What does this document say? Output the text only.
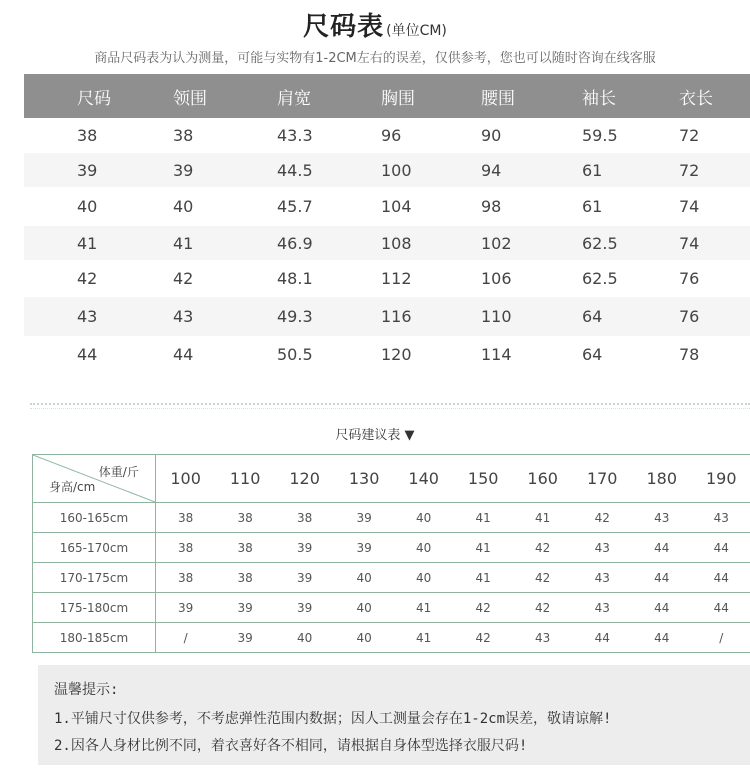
尺码表 (单位CM)
商品尺码表为认为测量，可能与实物有1-2CM左右的误差，仅供参考，您也可以随时咨询在线客服
尺码	领围	肩宽	胸围	腰围	袖长	衣长
38	38	43.3	96	90	59.5	72
39	39	44.5	100	94	61	72
40	40	45.7	104	98	61	74
41	41	46.9	108	102	62.5	74
42	42	48.1	112	106	62.5	76
43	43	49.3	116	110	64	76
44	44	50.5	120	114	64	78
尺码建议表 ▼
体重/斤
身高/cm	100	110	120	130	140	150	160	170	180	190
160-165cm	38	38	38	39	40	41	41	42	43	43
165-170cm	38	38	39	39	40	41	42	43	44	44
170-175cm	38	38	39	40	40	41	42	43	44	44
175-180cm	39	39	39	40	41	42	42	43	44	44
180-185cm	/	39	40	40	41	42	43	44	44	/
温馨提示:
1.平铺尺寸仅供参考，不考虑弹性范围内数据；因人工测量会存在1-2cm误差，敬请谅解!
2.因各人身材比例不同，着衣喜好各不相同，请根据自身体型选择衣服尺码!
